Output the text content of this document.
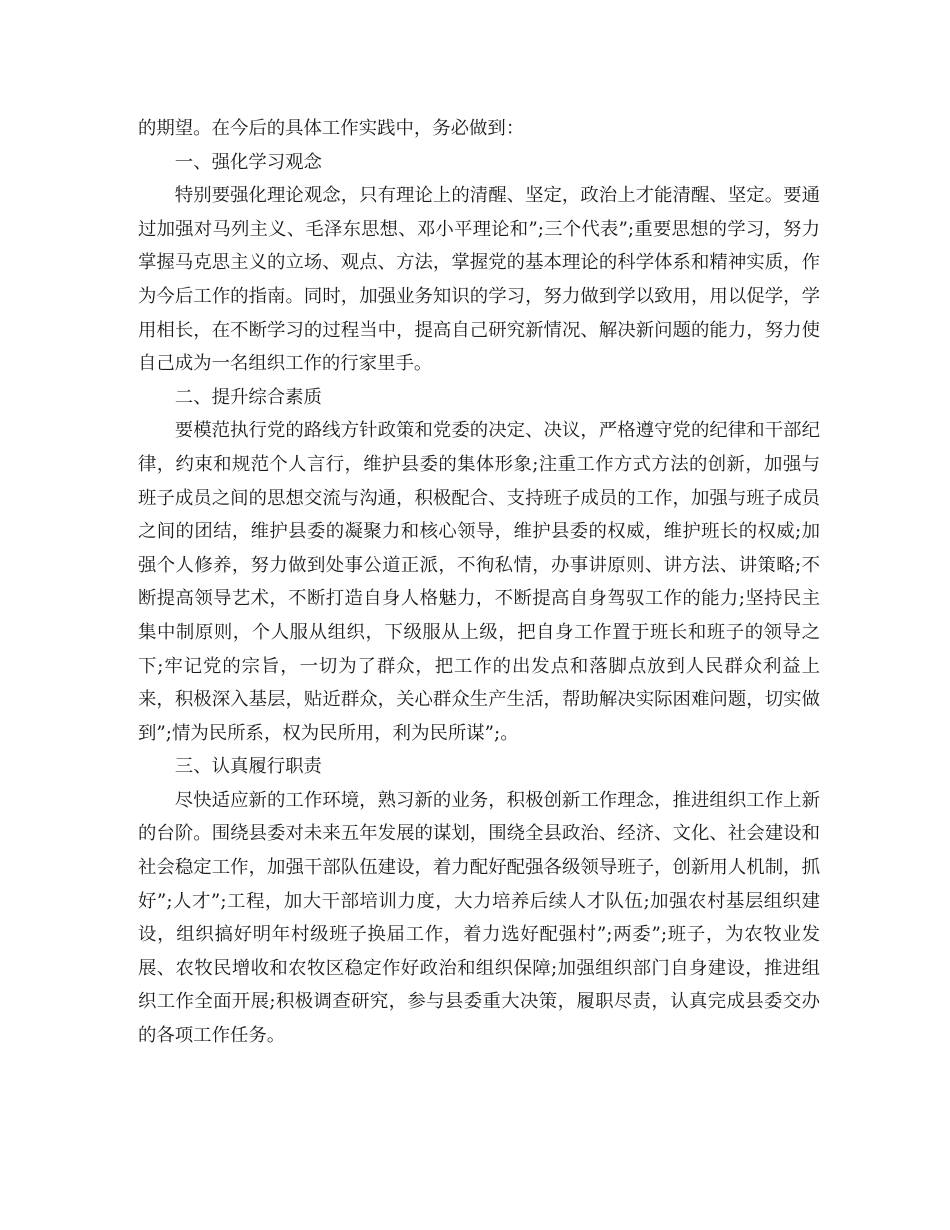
的期望。在今后的具体工作实践中，务必做到：

一、强化学习观念

特别要强化理论观念，只有理论上的清醒、坚定，政治上才能清醒、坚定。要通过加强对马列主义、毛泽东思想、邓小平理论和”;三个代表”;重要思想的学习，努力掌握马克思主义的立场、观点、方法，掌握党的基本理论的科学体系和精神实质，作为今后工作的指南。同时，加强业务知识的学习，努力做到学以致用，用以促学，学用相长，在不断学习的过程当中，提高自己研究新情况、解决新问题的能力，努力使自己成为一名组织工作的行家里手。

二、提升综合素质

要模范执行党的路线方针政策和党委的决定、决议，严格遵守党的纪律和干部纪律，约束和规范个人言行，维护县委的集体形象;注重工作方式方法的创新，加强与班子成员之间的思想交流与沟通，积极配合、支持班子成员的工作，加强与班子成员之间的团结，维护县委的凝聚力和核心领导，维护县委的权威，维护班长的权威;加强个人修养，努力做到处事公道正派，不徇私情，办事讲原则、讲方法、讲策略;不断提高领导艺术，不断打造自身人格魅力，不断提高自身驾驭工作的能力;坚持民主集中制原则，个人服从组织，下级服从上级，把自身工作置于班长和班子的领导之下;牢记党的宗旨，一切为了群众，把工作的出发点和落脚点放到人民群众利益上来，积极深入基层，贴近群众，关心群众生产生活，帮助解决实际困难问题，切实做到”;情为民所系，权为民所用，利为民所谋”;。

三、认真履行职责

尽快适应新的工作环境，熟习新的业务，积极创新工作理念，推进组织工作上新的台阶。围绕县委对未来五年发展的谋划，围绕全县政治、经济、文化、社会建设和社会稳定工作，加强干部队伍建设，着力配好配强各级领导班子，创新用人机制，抓好”;人才”;工程，加大干部培训力度，大力培养后续人才队伍;加强农村基层组织建设，组织搞好明年村级班子换届工作，着力选好配强村”;两委”;班子，为农牧业发展、农牧民增收和农牧区稳定作好政治和组织保障;加强组织部门自身建设，推进组织工作全面开展;积极调查研究，参与县委重大决策，履职尽责，认真完成县委交办的各项工作任务。
